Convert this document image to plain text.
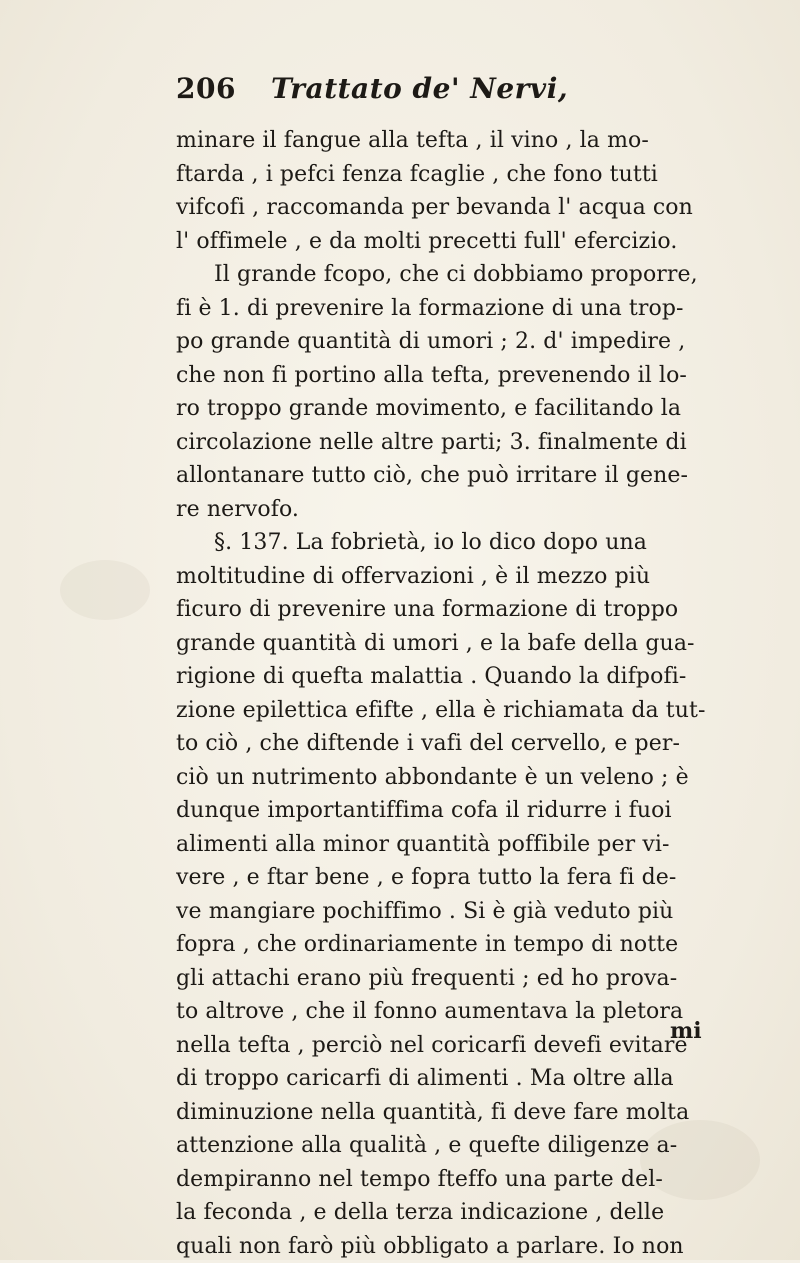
206 Trattato de' Nervi,
minare il fangue alla tefta , il vino , la mo-
ftarda , i pefci fenza fcaglie , che fono tutti
vifcofi , raccomanda per bevanda l' acqua con
l' offimele , e da molti precetti full' efercizio.
Il grande fcopo, che ci dobbiamo proporre,
fi è 1. di prevenire la formazione di una trop-
po grande quantità di umori ; 2. d' impedire ,
che non fi portino alla tefta, prevenendo il lo-
ro troppo grande movimento, e facilitando la
circolazione nelle altre parti; 3. finalmente di
allontanare tutto ciò, che può irritare il gene-
re nervofo.
§. 137. La fobrietà, io lo dico dopo una
moltitudine di offervazioni , è il mezzo più
ficuro di prevenire una formazione di troppo
grande quantità di umori , e la bafe della gua-
rigione di quefta malattia . Quando la difpofi-
zione epilettica efifte , ella è richiamata da tut-
to ciò , che diftende i vafi del cervello, e per-
ciò un nutrimento abbondante è un veleno ; è
dunque importantiffima cofa il ridurre i fuoi
alimenti alla minor quantità poffibile per vi-
vere , e ftar bene , e fopra tutto la fera fi de-
ve mangiare pochiffimo . Si è già veduto più
fopra , che ordinariamente in tempo di notte
gli attachi erano più frequenti ; ed ho prova-
to altrove , che il fonno aumentava la pletora
nella tefta , perciò nel coricarfi devefi evitare
di troppo caricarfi di alimenti . Ma oltre alla
diminuzione nella quantità, fi deve fare molta
attenzione alla qualità , e quefte diligenze a-
dempiranno nel tempo fteffo una parte del-
la feconda , e della terza indicazione , delle
quali non farò più obbligato a parlare. Io non
mi
